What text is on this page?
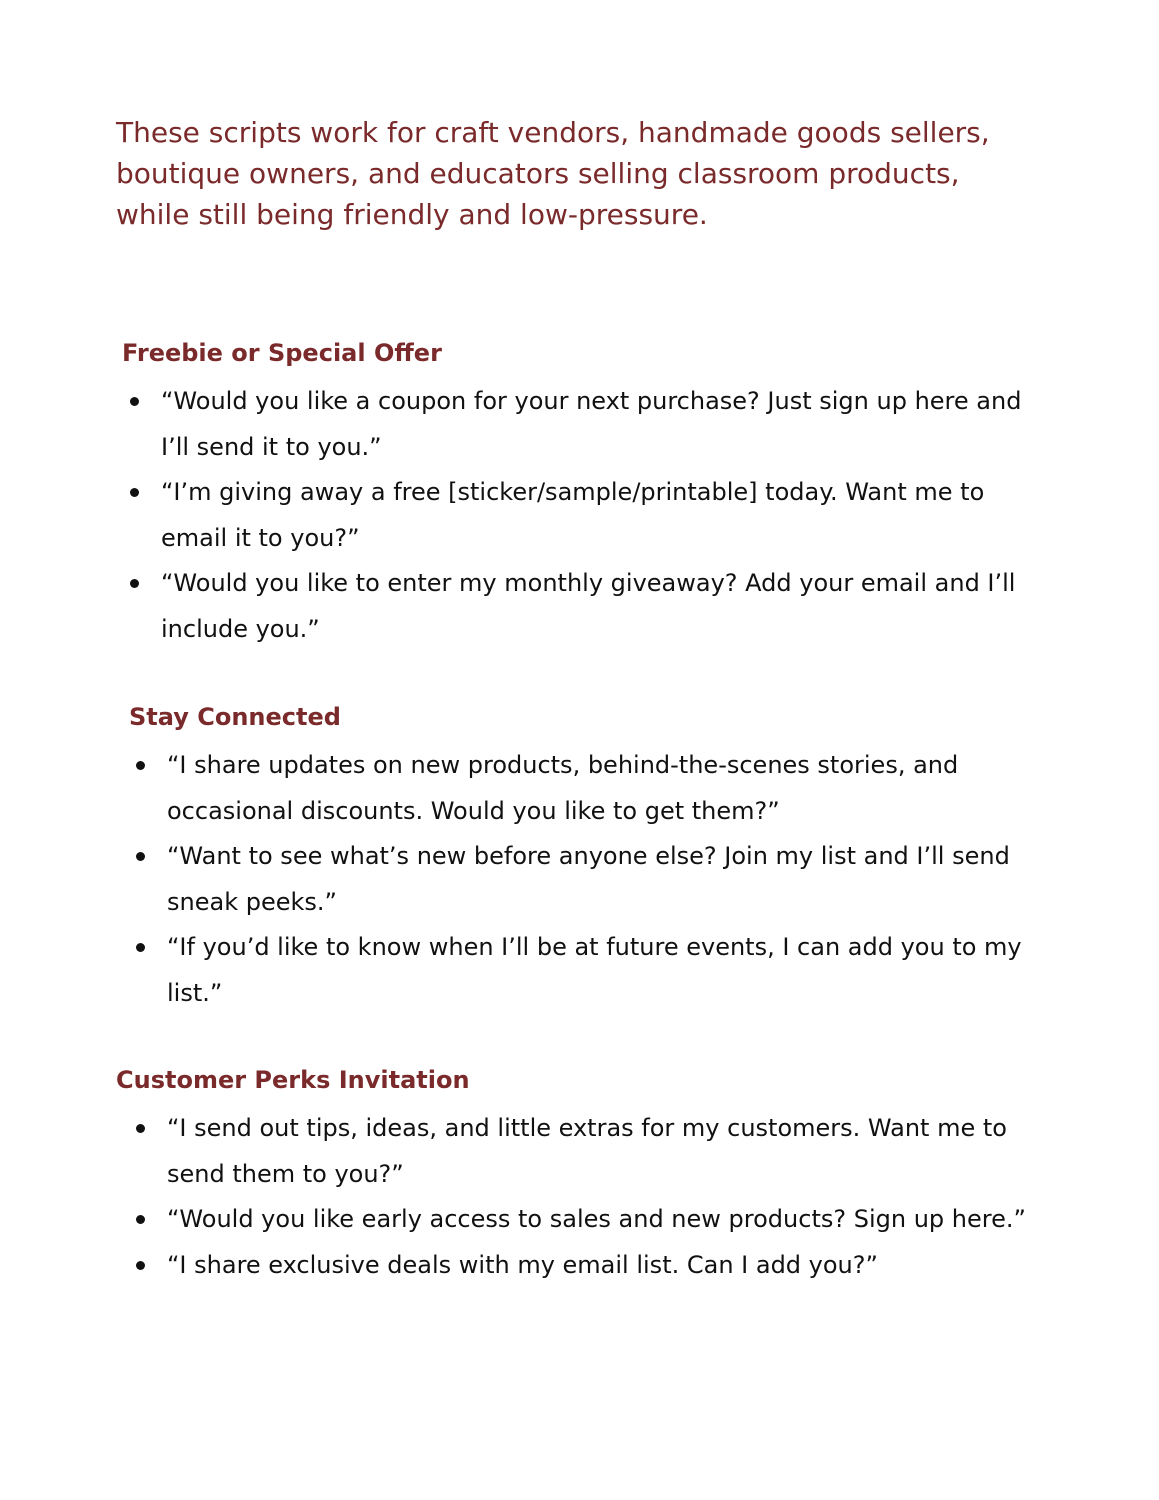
These scripts work for craft vendors, handmade goods sellers, boutique owners, and educators selling classroom products, while still being friendly and low-pressure.

Freebie or Special Offer
“Would you like a coupon for your next purchase? Just sign up here and I’ll send it to you.”
“I’m giving away a free [sticker/sample/printable] today. Want me to email it to you?”
“Would you like to enter my monthly giveaway? Add your email and I’ll include you.”
Stay Connected
“I share updates on new products, behind-the-scenes stories, and occasional discounts. Would you like to get them?”
“Want to see what’s new before anyone else? Join my list and I’ll send sneak peeks.”
“If you’d like to know when I’ll be at future events, I can add you to my list.”
Customer Perks Invitation
“I send out tips, ideas, and little extras for my customers. Want me to send them to you?”
“Would you like early access to sales and new products? Sign up here.”
“I share exclusive deals with my email list. Can I add you?”
